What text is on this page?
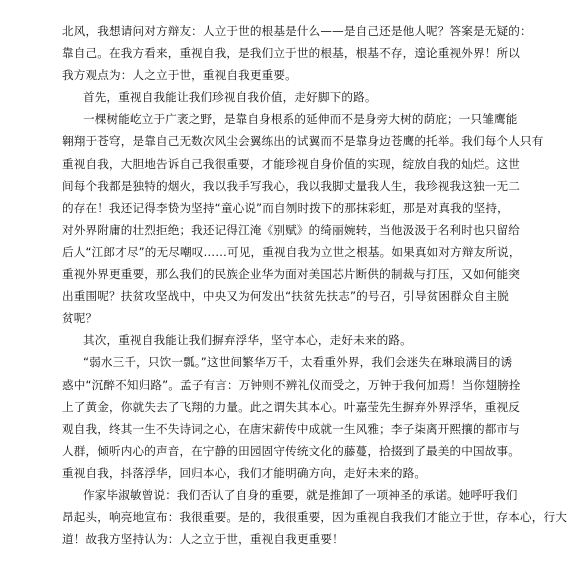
北风，我想请问对方辩友：人立于世的根基是什么——是自己还是他人呢？答案是无疑的：
靠自己。在我方看来，重视自我，是我们立于世的根基，根基不存，遑论重视外界！所以
我方观点为：人之立于世，重视自我更重要。
首先，重视自我能让我们珍视自我价值，走好脚下的路。
一棵树能屹立于广袤之野，是靠自身根系的延伸而不是身旁大树的荫庇；一只雏鹰能
翱翔于苍穹，是靠自己无数次风尘会翼练出的试翼而不是靠身边苍鹰的托举。我们每个人只有
重视自我，大胆地告诉自己我很重要，才能珍视自身价值的实现，绽放自我的灿烂。这世
间每个我都是独特的烟火，我以我手写我心，我以我脚丈量我人生，我珍视我这独一无二
的存在！我还记得李贽为坚持“童心说”而自刎时拨下的那抹彩虹，那是对真我的坚持，
对外界附庸的壮烈拒绝；我还记得江淹《别赋》的绮丽婉转，当他汲汲于名利时也只留给
后人“江郎才尽”的无尽嘲叹……可见，重视自我为立世之根基。如果真如对方辩友所说，
重视外界更重要，那么我们的民族企业华为面对美国芯片断供的制裁与打压，又如何能突
出重围呢？扶贫攻坚战中，中央又为何发出“扶贫先扶志”的号召，引导贫困群众自主脱
贫呢？
其次，重视自我能让我们摒弃浮华，坚守本心，走好未来的路。
“弱水三千，只饮一瓢。”这世间繁华万千，太看重外界，我们会迷失在琳琅满目的诱
惑中“沉醉不知归路”。孟子有言：万钟则不辨礼仪而受之，万钟于我何加焉！当你翅膀拴
上了黄金，你就失去了飞翔的力量。此之谓失其本心。叶嘉莹先生摒弃外界浮华，重视反
观自我，终其一生不失诗词之心，在唐宋薪传中成就一生风雅；李子柒离开熙攘的都市与
人群，倾听内心的声音，在宁静的田园固守传统文化的藤蔓，拾掇到了最美的中国故事。
重视自我，抖落浮华，回归本心，我们才能明确方向，走好未来的路。
作家毕淑敏曾说：我们否认了自身的重要，就是推卸了一项神圣的承诺。她呼吁我们
昂起头，响亮地宣布：我很重要。是的，我很重要，因为重视自我我们才能立于世，存本心，行大
道！故我方坚持认为：人之立于世，重视自我更重要！
